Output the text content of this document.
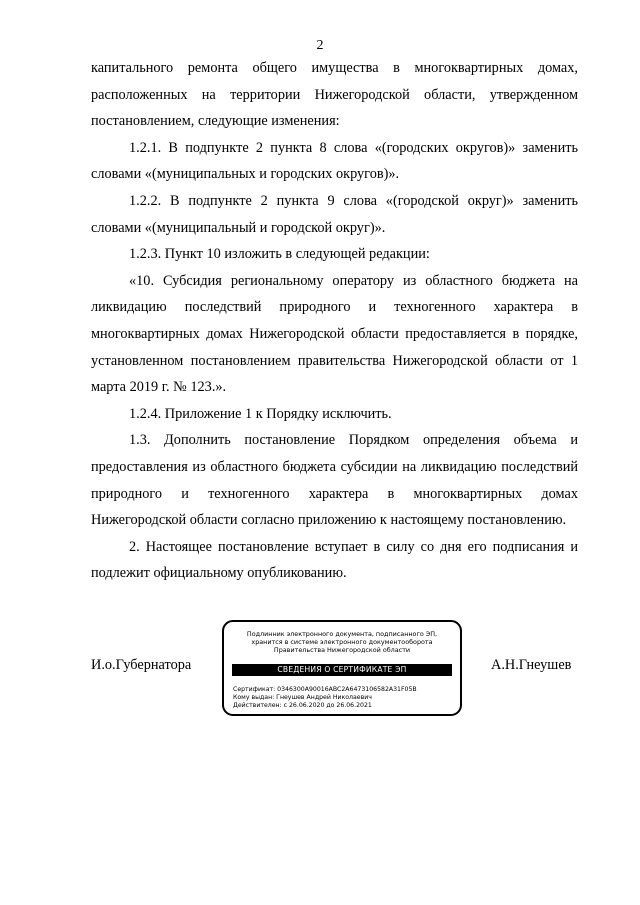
2

капитального ремонта общего имущества в многоквартирных домах, расположенных на территории Нижегородской области, утвержденном постановлением, следующие изменения:

1.2.1. В подпункте 2 пункта 8 слова «(городских округов)» заменить словами «(муниципальных и городских округов)».

1.2.2. В подпункте 2 пункта 9 слова «(городской округ)» заменить словами «(муниципальный и городской округ)».

1.2.3. Пункт 10 изложить в следующей редакции:

«10. Субсидия региональному оператору из областного бюджета на ликвидацию последствий природного и техногенного характера в многоквартирных домах Нижегородской области предоставляется в порядке, установленном постановлением правительства Нижегородской области от 1 марта 2019 г. № 123.».

1.2.4. Приложение 1 к Порядку исключить.

1.3. Дополнить постановление Порядком определения объема и предоставления из областного бюджета субсидии на ликвидацию последствий природного и техногенного характера в многоквартирных домах Нижегородской области согласно приложению к настоящему постановлению.

2. Настоящее постановление вступает в силу со дня его подписания и подлежит официальному опубликованию.

И.о.Губернатора
Подлинник электронного документа, подписанного ЭП,
хранится в системе электронного документооборота
Правительства Нижегородской области
СВЕДЕНИЯ О СЕРТИФИКАТЕ ЭП
Сертификат: 0346300A90016ABC2A6473106582A31F05B
Кому выдан: Гнеушев Андрей Николаевич
Действителен: с 26.06.2020 до 26.06.2021
А.Н.Гнеушев
